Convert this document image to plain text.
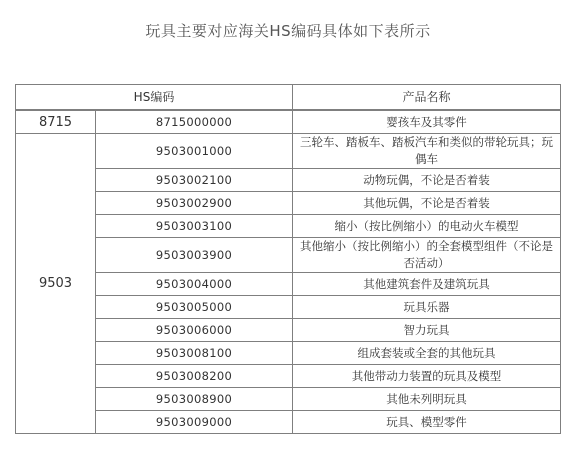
玩具主要对应海关HS编码具体如下表所示
HS编码		产品名称
8715	8715000000	婴孩车及其零件
9503	9503001000	三轮车、踏板车、踏板汽车和类似的带轮玩具；玩偶车
	9503002100	动物玩偶，不论是否着装
	9503002900	其他玩偶，不论是否着装
	9503003100	缩小（按比例缩小）的电动火车模型
	9503003900	其他缩小（按比例缩小）的全套模型组件（不论是否活动）
	9503004000	其他建筑套件及建筑玩具
	9503005000	玩具乐器
	9503006000	智力玩具
	9503008100	组成套装或全套的其他玩具
	9503008200	其他带动力装置的玩具及模型
	9503008900	其他未列明玩具
	9503009000	玩具、模型零件
